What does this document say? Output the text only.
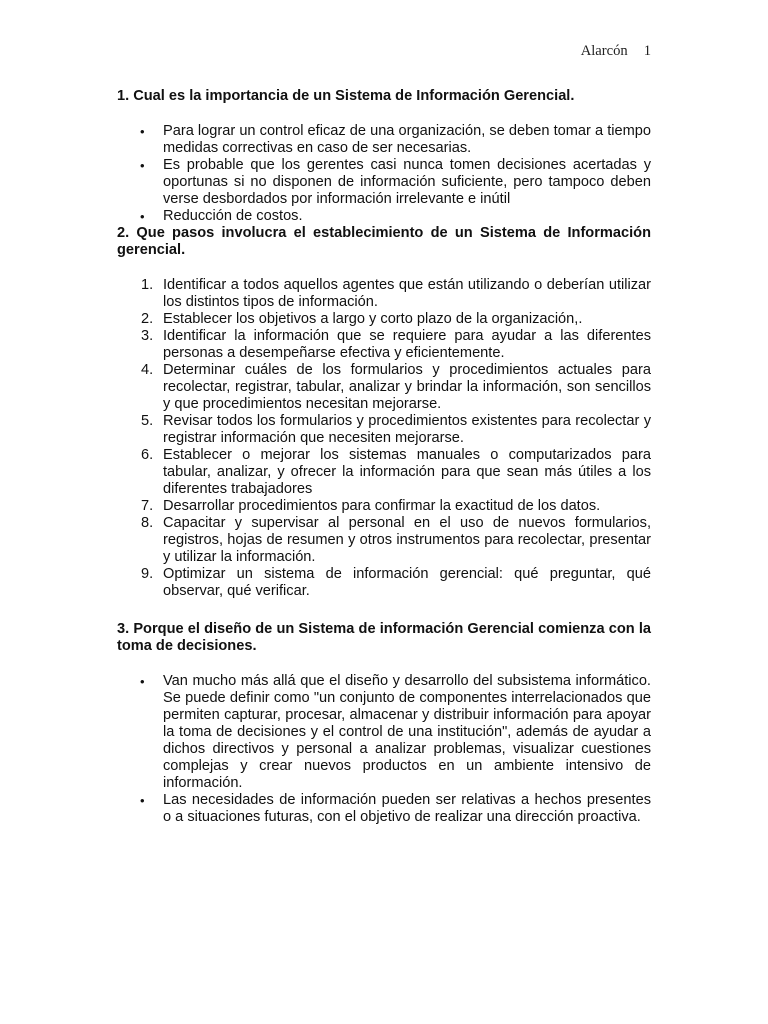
Alarcón 1
1. Cual es la importancia de un Sistema de Información Gerencial.
• Para lograr un control eficaz de una organización, se deben tomar a tiempo medidas correctivas en caso de ser necesarias.
• Es probable que los gerentes casi nunca tomen decisiones acertadas y oportunas si no disponen de información suficiente, pero tampoco deben verse desbordados por información irrelevante e inútil
• Reducción de costos.
2. Que pasos involucra el establecimiento de un Sistema de Información gerencial.
1. Identificar a todos aquellos agentes que están utilizando o deberían utilizar los distintos tipos de información.
2. Establecer los objetivos a largo y corto plazo de la organización,.
3. Identificar la información que se requiere para ayudar a las diferentes personas a desempeñarse efectiva y eficientemente.
4. Determinar cuáles de los formularios y procedimientos actuales para recolectar, registrar, tabular, analizar y brindar la información, son sencillos y que procedimientos necesitan mejorarse.
5. Revisar todos los formularios y procedimientos existentes para recolectar y registrar información que necesiten mejorarse.
6. Establecer o mejorar los sistemas manuales o computarizados para tabular, analizar, y ofrecer la información para que sean más útiles a los diferentes trabajadores
7. Desarrollar procedimientos para confirmar la exactitud de los datos.
8. Capacitar y supervisar al personal en el uso de nuevos formularios, registros, hojas de resumen y otros instrumentos para recolectar, presentar y utilizar la información.
9. Optimizar un sistema de información gerencial: qué preguntar, qué observar, qué verificar.
3. Porque el diseño de un Sistema de información Gerencial comienza con la toma de decisiones.
• Van mucho más allá que el diseño y desarrollo del subsistema informático. Se puede definir como "un conjunto de componentes interrelacionados que permiten capturar, procesar, almacenar y distribuir información para apoyar la toma de decisiones y el control de una institución", además de ayudar a dichos directivos y personal a analizar problemas, visualizar cuestiones complejas y crear nuevos productos en un ambiente intensivo de información.
• Las necesidades de información pueden ser relativas a hechos presentes o a situaciones futuras, con el objetivo de realizar una dirección proactiva.
